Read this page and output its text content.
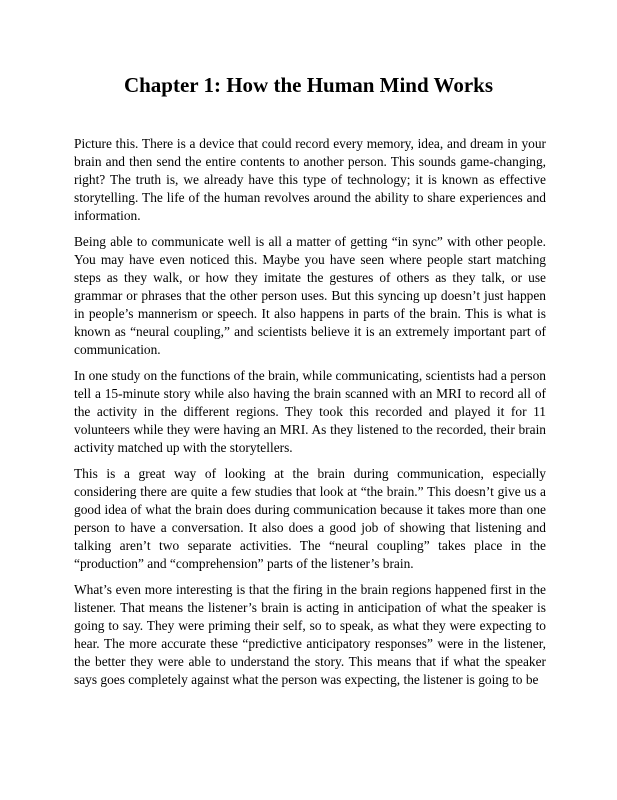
Chapter 1: How the Human Mind Works

Picture this. There is a device that could record every memory, idea, and dream in your brain and then send the entire contents to another person. This sounds game-changing, right? The truth is, we already have this type of technology; it is known as effective storytelling. The life of the human revolves around the ability to share experiences and information.

Being able to communicate well is all a matter of getting “in sync” with other people. You may have even noticed this. Maybe you have seen where people start matching steps as they walk, or how they imitate the gestures of others as they talk, or use grammar or phrases that the other person uses. But this syncing up doesn’t just happen in people’s mannerism or speech. It also happens in parts of the brain. This is what is known as “neural coupling,” and scientists believe it is an extremely important part of communication.

In one study on the functions of the brain, while communicating, scientists had a person tell a 15-minute story while also having the brain scanned with an MRI to record all of the activity in the different regions. They took this recorded and played it for 11 volunteers while they were having an MRI. As they listened to the recorded, their brain activity matched up with the storytellers.

This is a great way of looking at the brain during communication, especially considering there are quite a few studies that look at “the brain.” This doesn’t give us a good idea of what the brain does during communication because it takes more than one person to have a conversation. It also does a good job of showing that listening and talking aren’t two separate activities. The “neural coupling” takes place in the “production” and “comprehension” parts of the listener’s brain.

What’s even more interesting is that the firing in the brain regions happened first in the listener. That means the listener’s brain is acting in anticipation of what the speaker is going to say. They were priming their self, so to speak, as what they were expecting to hear. The more accurate these “predictive anticipatory responses” were in the listener, the better they were able to understand the story. This means that if what the speaker says goes completely against what the person was expecting, the listener is going to be
